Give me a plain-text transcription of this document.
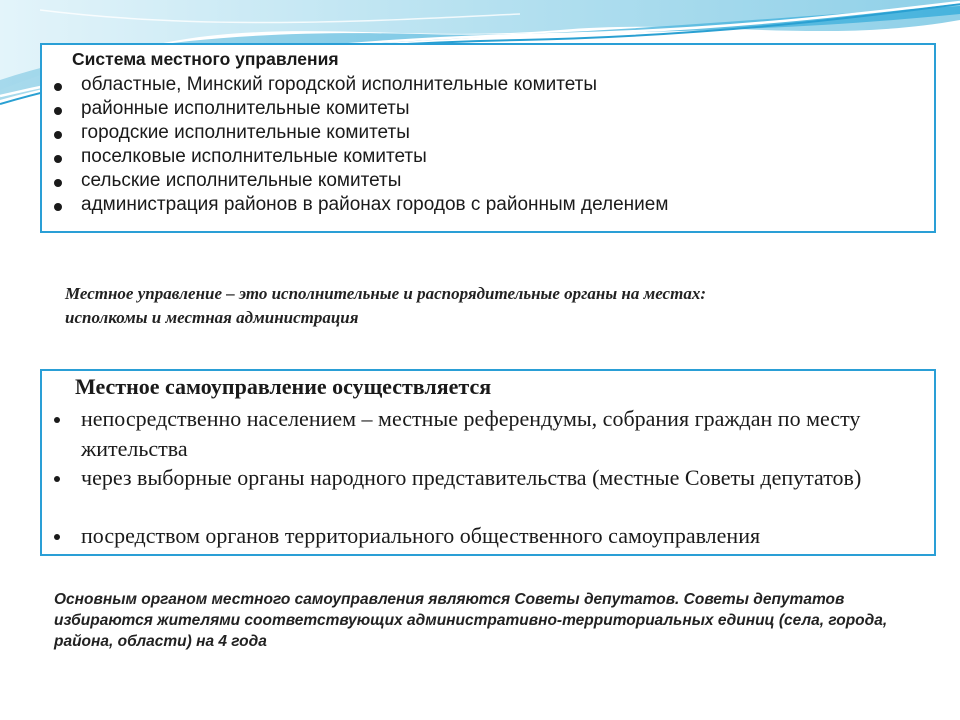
Система местного управления
областные, Минский городской исполнительные комитеты
районные исполнительные комитеты
городские исполнительные комитеты
поселковые исполнительные комитеты
сельские исполнительные комитеты
администрация районов в районах городов с районным делением
Местное управление – это исполнительные и распорядительные органы на местах:
исполкомы и местная администрация
Местное самоуправление осуществляется
непосредственно населением – местные референдумы, собрания граждан по месту жительства
через выборные органы народного представительства (местные Советы депутатов)
посредством органов территориального общественного самоуправления
Основным органом местного самоуправления являются Советы депутатов. Советы депутатов избираются жителями соответствующих административно-территориальных единиц (села, города, района, области) на 4 года
